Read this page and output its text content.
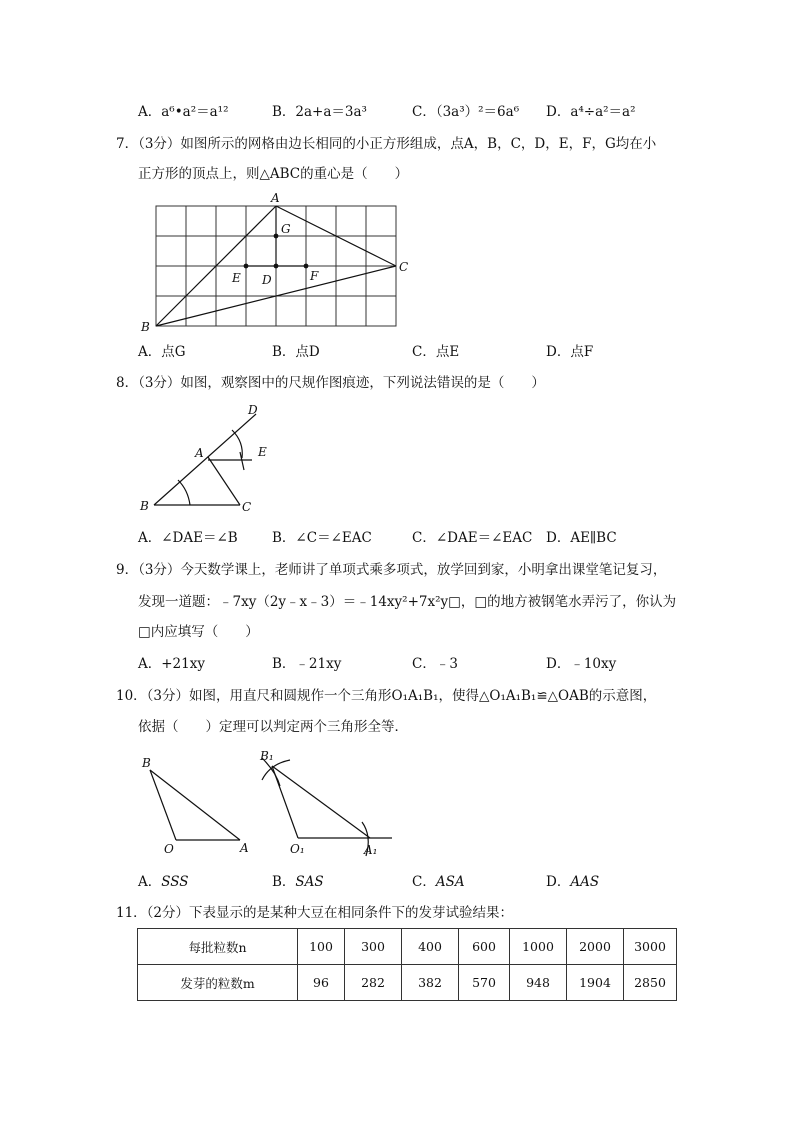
A．a⁶•a²＝a¹²	B．2a+a＝3a³	C．（3a³）²＝6a⁶ D．a⁴÷a²＝a²
7．（3分）如图所示的网格由边长相同的小正方形组成，点A，B，C，D，E，F，G均在小
正方形的顶点上，则△ABC的重心是（　　）
A
G
E D	F
C
B
A．点G	B．点D	C．点E	D．点F
8．（3分）如图，观察图中的尺规作图痕迹，下列说法错误的是（　　）
D
A	E
B	C
A．∠DAE＝∠B	B．∠C＝∠EAC	C．∠DAE＝∠EAC D．AE∥BC
9．（3分）今天数学课上，老师讲了单项式乘多项式，放学回到家，小明拿出课堂笔记复习，
发现一道题：﹣7xy（2y﹣x﹣3）＝﹣14xy²+7x²y□，□的地方被钢笔水弄污了，你认为
□内应填写（　　）
A．+21xy	B．﹣21xy	C．﹣3	D．﹣10xy
10．（3分）如图，用直尺和圆规作一个三角形O₁A₁B₁，使得△O₁A₁B₁≌△OAB的示意图，
依据（　　）定理可以判定两个三角形全等．
B
O	A
B₁
O₁	A₁
A．SSS	B．SAS	C．ASA	D．AAS
11．（2分）下表显示的是某种大豆在相同条件下的发芽试验结果：
每批粒数n	100	300	400	600	1000	2000	3000
发芽的粒数m	96	282	382	570	948	1904	2850
